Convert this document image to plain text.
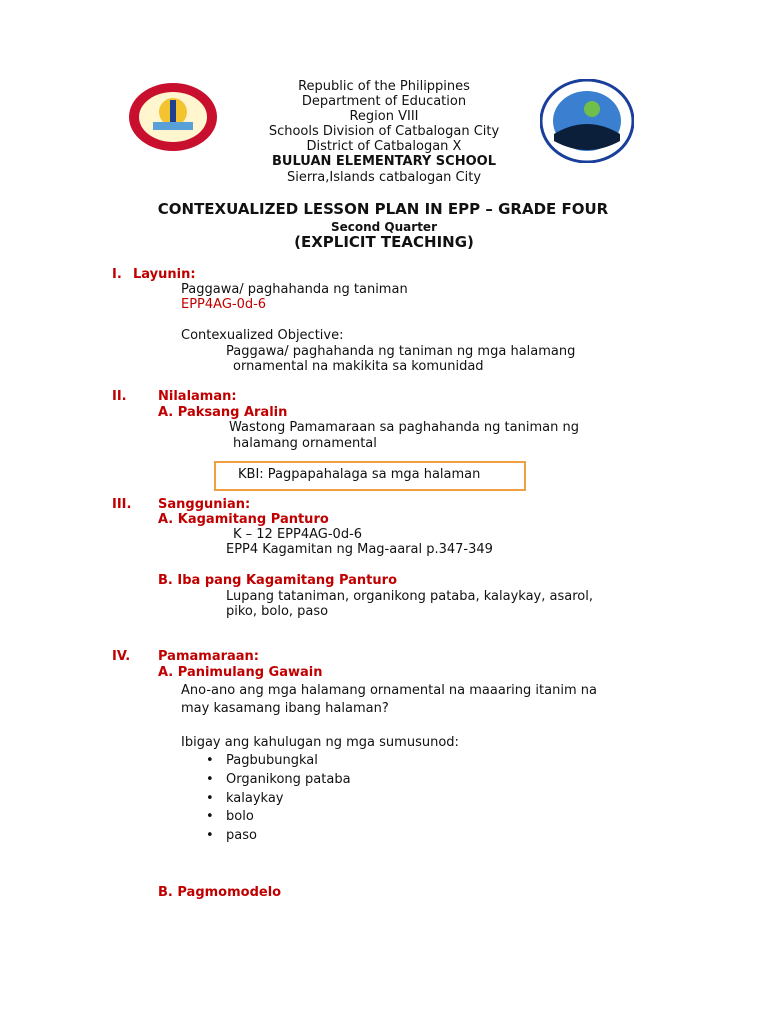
Republic of the Philippines
Department of Education
Region VIII
Schools Division of Catbalogan City
District of Catbalogan X
BULUAN ELEMENTARY SCHOOL
Sierra,Islands catbalogan City
CONTEXUALIZED LESSON PLAN IN EPP – GRADE FOUR
Second Quarter
(EXPLICIT TEACHING)
I. Layunin:
Paggawa/ paghahanda ng taniman
EPP4AG-0d-6
Contexualized Objective:
Paggawa/ paghahanda ng taniman ng mga halamang
ornamental na makikita sa komunidad
II. Nilalaman:
A. Paksang Aralin
Wastong Pamamaraan sa paghahanda ng taniman ng
halamang ornamental
KBI: Pagpapahalaga sa mga halaman
III. Sanggunian:
A. Kagamitang Panturo
K – 12 EPP4AG-0d-6
EPP4 Kagamitan ng Mag-aaral p.347-349
B. Iba pang Kagamitang Panturo
Lupang tataniman, organikong pataba, kalaykay, asarol,
piko, bolo, paso
IV. Pamamaraan:
A. Panimulang Gawain
Ano-ano ang mga halamang ornamental na maaaring itanim na
may kasamang ibang halaman?
Ibigay ang kahulugan ng mga sumusunod:
• Pagbubungkal
• Organikong pataba
• kalaykay
• bolo
• paso
B. Pagmomodelo
